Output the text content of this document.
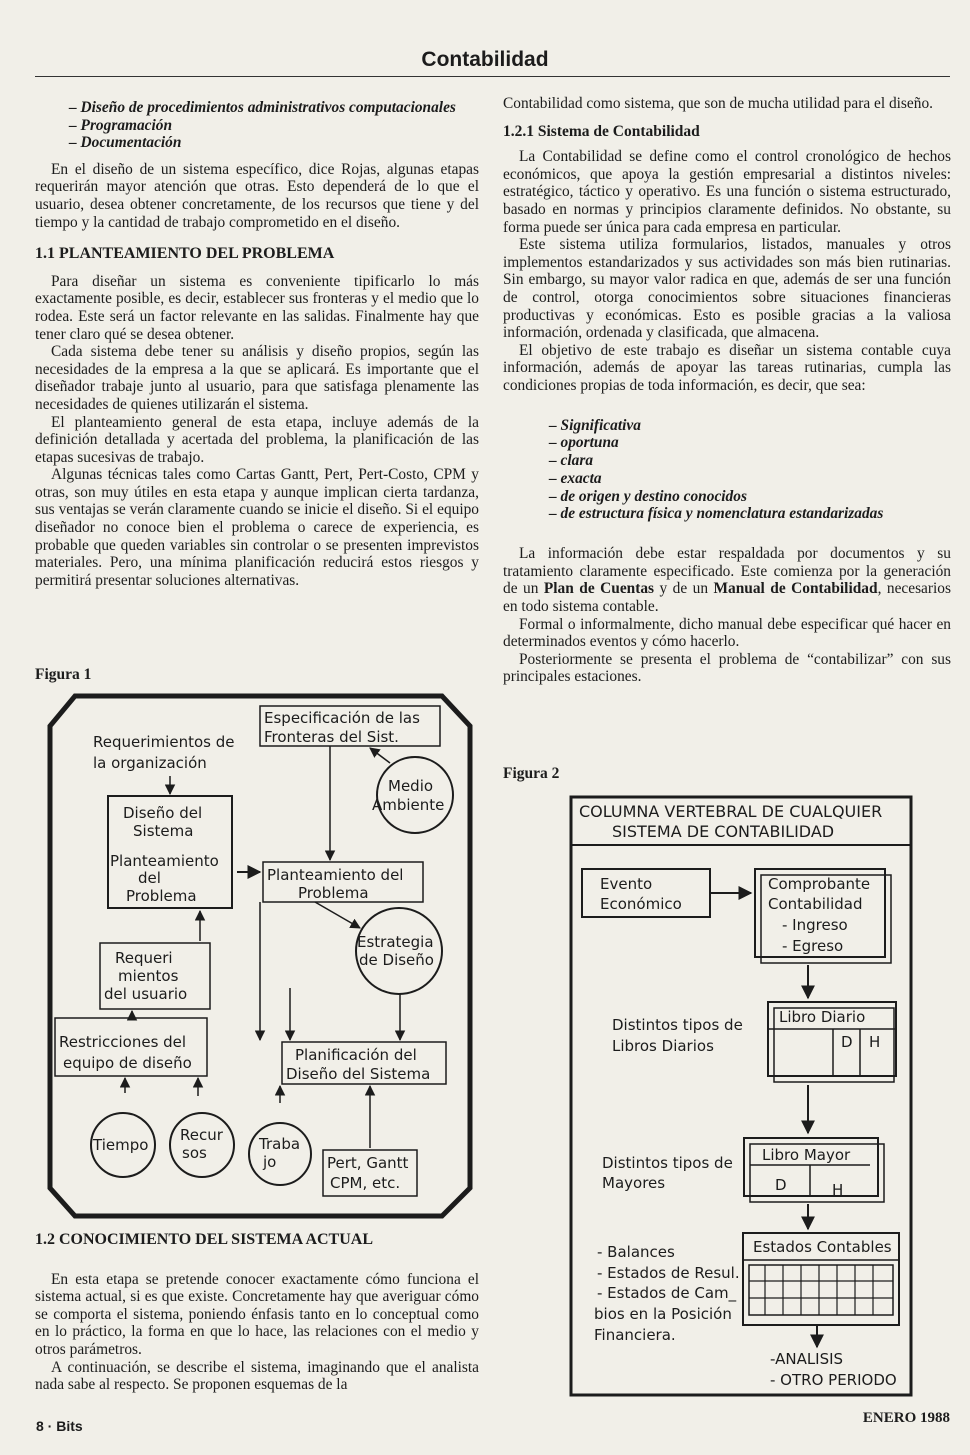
Contabilidad
– Diseño de procedimientos administrativos computacionales
– Programación
– Documentación

En el diseño de un sistema específico, dice Rojas, algunas etapas requerirán mayor atención que otras. Esto dependerá de lo que el usuario, desea obtener concretamente, de los recursos que tiene y del tiempo y la cantidad de trabajo comprometido en el diseño.

1.1 PLANTEAMIENTO DEL PROBLEMA

Para diseñar un sistema es conveniente tipificarlo lo más exactamente posible, es decir, establecer sus fronteras y el medio que lo rodea. Este será un factor relevante en las salidas. Finalmente hay que tener claro qué se desea obtener.

Cada sistema debe tener su análisis y diseño propios, según las necesidades de la empresa a la que se aplicará. Es importante que el diseñador trabaje junto al usuario, para que satisfaga plenamente las necesidades de quienes utilizarán el sistema.

El planteamiento general de esta etapa, incluye además de la definición detallada y acertada del problema, la planificación de las etapas sucesivas de trabajo.

Algunas técnicas tales como Cartas Gantt, Pert, Pert-Costo, CPM y otras, son muy útiles en esta etapa y aunque implican cierta tardanza, sus ventajas se verán claramente cuando se inicie el diseño. Si el equipo diseñador no conoce bien el problema o carece de experiencia, es probable que queden variables sin controlar o se presenten imprevistos materiales. Pero, una mínima planificación reducirá estos riesgos y permitirá presentar soluciones alternativas.

Figura 1
Requerimientos de
la organización
Especificación de las
Fronteras del Sist.
Medio
Ambiente
Diseño del
Sistema
Planteamiento
del
Problema
Planteamiento del
Problema
Estrategia
de Diseño
Requeri
mientos
del usuario
Restricciones del
equipo de diseño	Planificación del
Diseño del Sistema
Tiempo
Recur
sos	Traba
jo	Pert, Gantt
CPM, etc.
1.2 CONOCIMIENTO DEL SISTEMA ACTUAL

En esta etapa se pretende conocer exactamente cómo funciona el sistema actual, si es que existe. Concretamente hay que averiguar cómo se comporta el sistema, poniendo énfasis tanto en lo conceptual como en lo práctico, la forma en que lo hace, las relaciones con el medio y otros parámetros.

A continuación, se describe el sistema, imaginando que el analista nada sabe al respecto. Se proponen esquemas de la

Contabilidad como sistema, que son de mucha utilidad para el diseño.

1.2.1 Sistema de Contabilidad

La Contabilidad se define como el control cronológico de hechos económicos, que apoya la gestión empresarial a distintos niveles: estratégico, táctico y operativo. Es una función o sistema estructurado, basado en normas y principios claramente definidos. No obstante, su forma puede ser única para cada empresa en particular.

Este sistema utiliza formularios, listados, manuales y otros implementos estandarizados y sus actividades son más bien rutinarias. Sin embargo, su mayor valor radica en que, además de ser una función de control, otorga conocimientos sobre situaciones financieras productivas y económicas. Esto es posible gracias a la valiosa información, ordenada y clasificada, que almacena.

El objetivo de este trabajo es diseñar un sistema contable cuya información, además de apoyar las tareas rutinarias, cumpla las condiciones propias de toda información, es decir, que sea:

– Significativa
– oportuna
– clara
– exacta
– de origen y destino conocidos
– de estructura física y nomenclatura estandarizadas

La información debe estar respaldada por documentos y su tratamiento claramente especificado. Este comienza por la generación de un Plan de Cuentas y de un Manual de Contabilidad, necesarios en todo sistema contable.

Formal o informalmente, dicho manual debe especificar qué hacer en determinados eventos y cómo hacerlo.

Posteriormente se presenta el problema de “contabilizar” con sus principales estaciones.

Figura 2
COLUMNA VERTEBRAL DE CUALQUIER
SISTEMA DE CONTABILIDAD
Evento
Económico
Comprobante
Contabilidad
- Ingreso
- Egreso
Distintos tipos de
Libros Diarios
Libro Diario
D H
Distintos tipos de
Mayores
Libro Mayor
D	H
- Balances
- Estados de Resul.
- Estados de Cam_
bios en la Posición
Financiera.
Estados Contables
-ANALISIS
- OTRO PERIODO
8 · Bits	ENERO 1988
